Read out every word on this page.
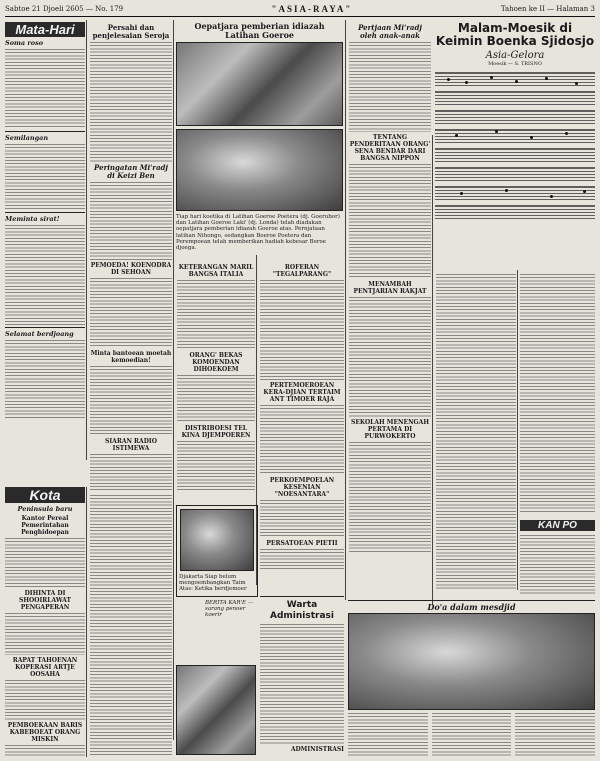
Sabtoe 21 Djoeli 2605 — No. 179	"ASIA-RAYA"	Tahoen ke II — Halaman 3
Mata-Hari
Soma roso
Semilangan
Meminta sirat!
Selamat berdjoang
Persahi dan penjelesaian Seroja
Peringatan Mi'radj di Keizi Ben
PEMOEDA! KOENODRA DI SEHOAN
Minta bantoean moetah kemoedian!
SIARAN RADIO ISTIMEWA
Oepatjara pemberian idiazah Latihan Goeroe
Tiap hari koetika di Latihan Goeroe Poetera (dj. Goerubor) dan Latihan Goeroe Laki' (dj. Londa) telah diadakan oepatjara pemberian idiazah Goeroe atas. Pernjataan latihan Nihongo, sedangkan Boeroe Poetera dan Perempoean telah memberikan hadiah kebesar Beroe djoega.
KETERANGAN MARIL BANGSA ITALIA
ORANG' BEKAS KOMOENDAN DIHOEKOEM
DISTRIBOESI TEL KINA DJEMPOEREN
ROFERAN "TEGALPARANG"
PERTEMOEROEAN KERA-DJIAN TERTAIM ANT TIMOER RAJA
PERKOEMPOELAN KESENIAN "NOESANTARA"
PERSATOEAN PIETII
Pertjaan Mi'radj oleh anak-anak
TENTANG PENDERITAAN ORANG' SENA BENDAR DARI BANGSA NIPPON
MENAMBAH PENTJARIAN RAKJAT
SEKOLAH MENENGAH PERTAMA DI PURWOKERTO
Malam-Moesik di Keimin Boenka Sjidosjo
Asia-Gelora
Moesik — S. TRISNO
KAN PO
Kota
Peninsula baru
Kantor Pereal Pemerintahan Penghidoepan
DIHINTA DI SHOOIRLAWAT PENGAPERAN
RAPAT TAHOENAN KOPERASI ARTJE OOSAHA
PEMBOEKAAN BARIS KABEBOEAT ORANG MISKIN
Djakarta Siap belum mengoembangkan Taim Atas: Ketika berdjemoer
BERITA KAR'E — sarang penoer koerir
Warta Administrasi
ADMINISTRASI
Do'a dalam mesdjid
